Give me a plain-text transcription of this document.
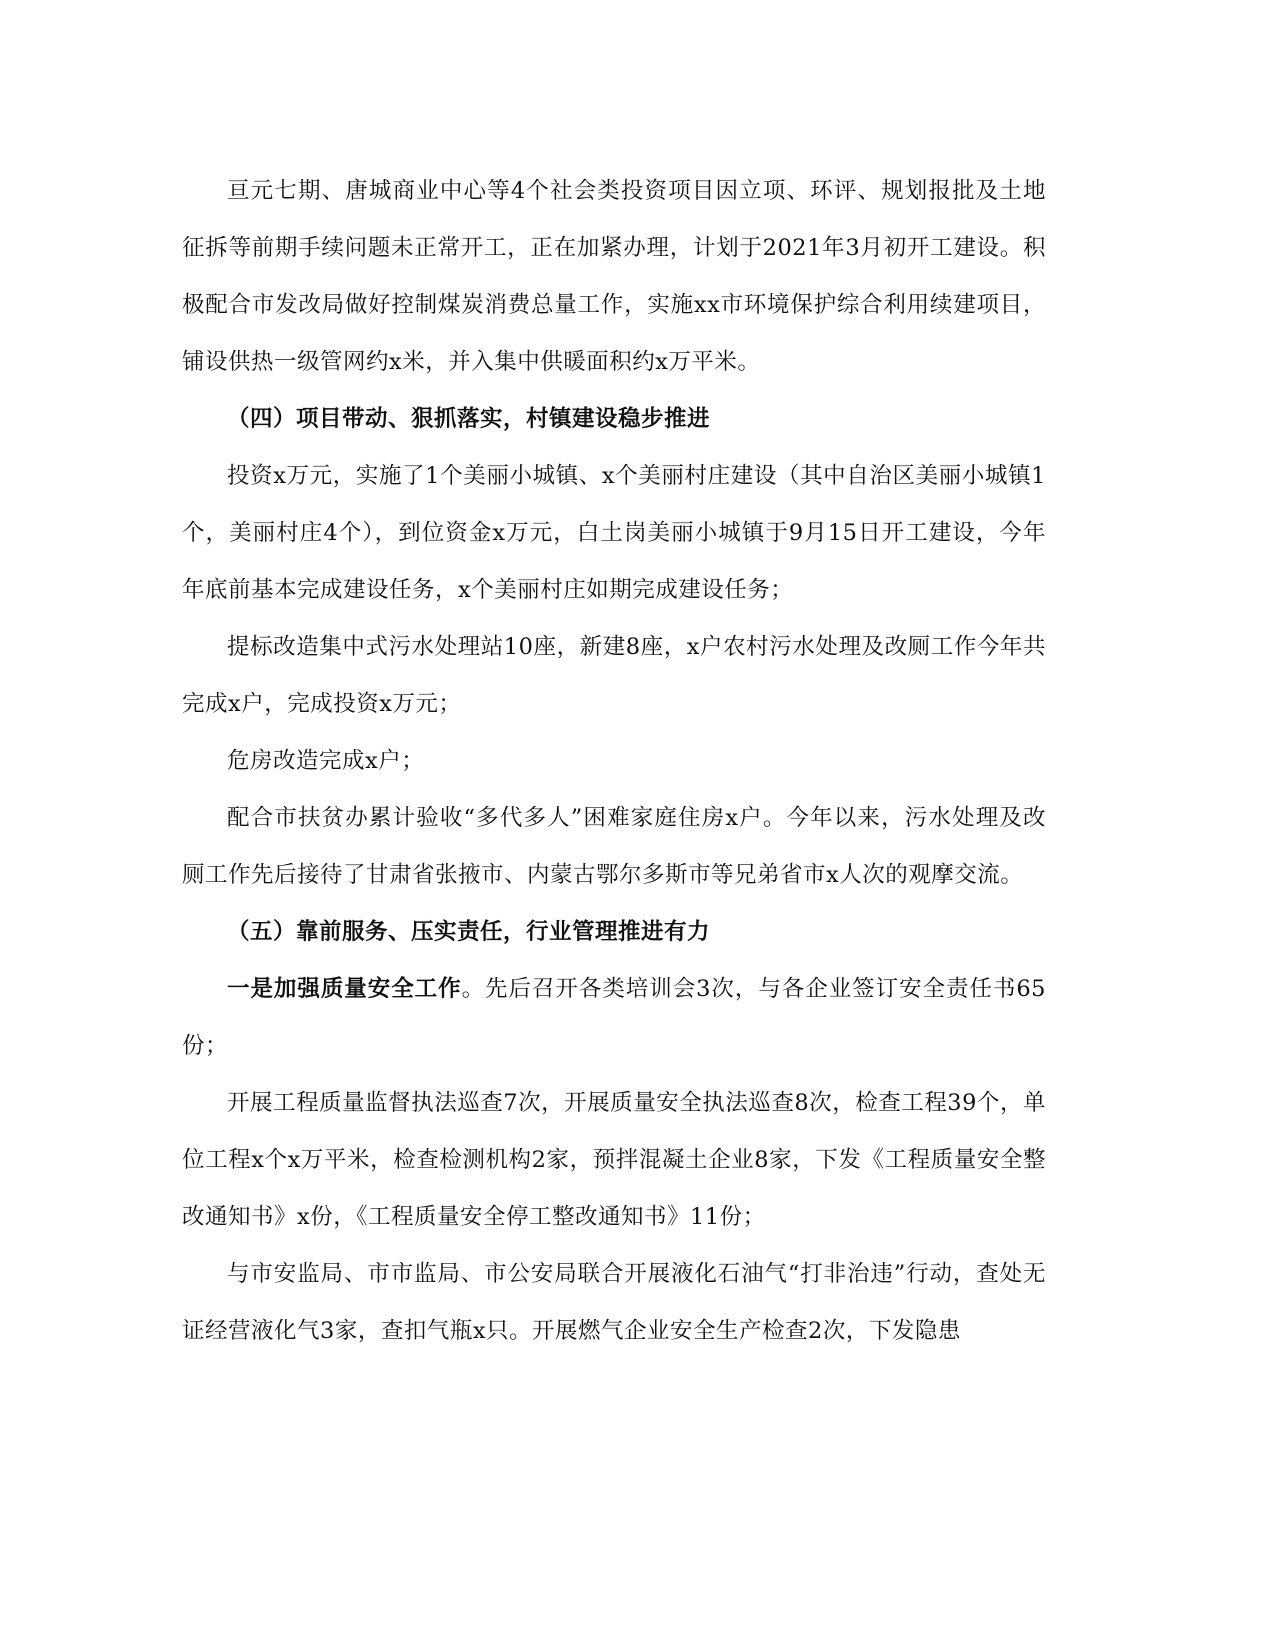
亘元七期、唐城商业中心等4个社会类投资项目因立项、环评、规划报批及土地征拆等前期手续问题未正常开工，正在加紧办理，计划于2021年3月初开工建设。积极配合市发改局做好控制煤炭消费总量工作，实施xx市环境保护综合利用续建项目，铺设供热一级管网约x米，并入集中供暖面积约x万平米。

（四）项目带动、狠抓落实，村镇建设稳步推进

投资x万元，实施了1个美丽小城镇、x个美丽村庄建设（其中自治区美丽小城镇1个，美丽村庄4个），到位资金x万元，白土岗美丽小城镇于9月15日开工建设，今年年底前基本完成建设任务，x个美丽村庄如期完成建设任务；

提标改造集中式污水处理站10座，新建8座，x户农村污水处理及改厕工作今年共完成x户，完成投资x万元；

危房改造完成x户；

配合市扶贫办累计验收“多代多人”困难家庭住房x户。今年以来，污水处理及改厕工作先后接待了甘肃省张掖市、内蒙古鄂尔多斯市等兄弟省市x人次的观摩交流。

（五）靠前服务、压实责任，行业管理推进有力

一是加强质量安全工作。先后召开各类培训会3次，与各企业签订安全责任书65份；

开展工程质量监督执法巡查7次，开展质量安全执法巡查8次，检查工程39个，单位工程x个x万平米，检查检测机构2家，预拌混凝土企业8家，下发《工程质量安全整改通知书》x份，《工程质量安全停工整改通知书》11份；

与市安监局、市市监局、市公安局联合开展液化石油气“打非治违”行动，查处无证经营液化气3家，查扣气瓶x只。开展燃气企业安全生产检查2次，下发隐患
